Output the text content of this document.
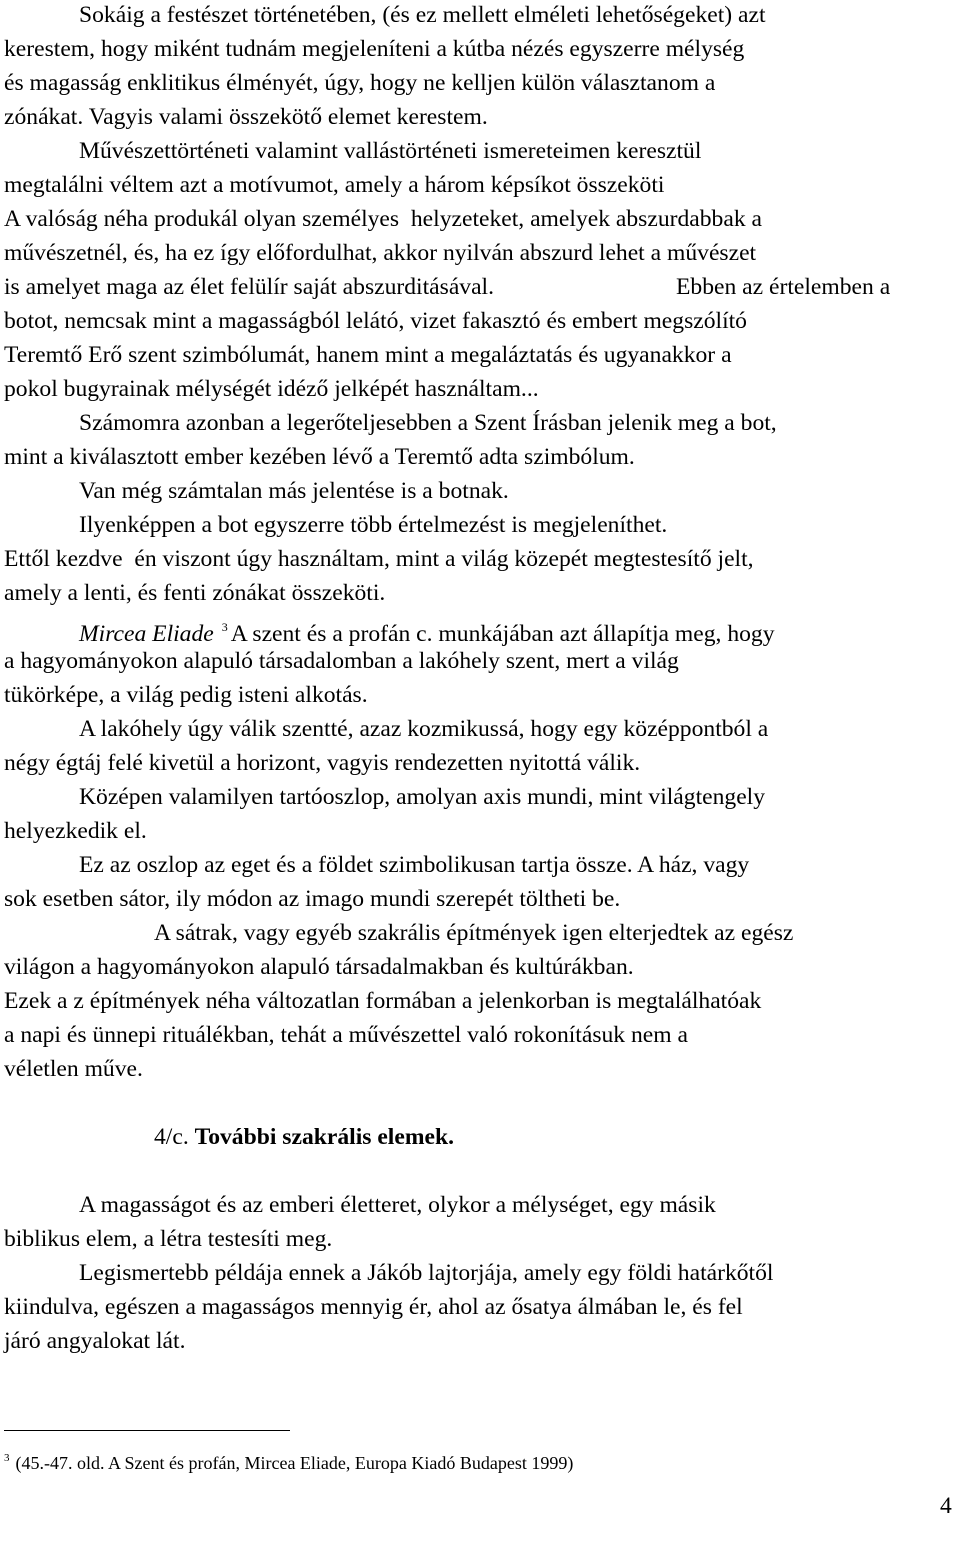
Sokáig a festészet történetében, (és ez mellett elméleti lehetőségeket) azt

kerestem, hogy miként tudnám megjeleníteni a kútba nézés egyszerre mélység

és magasság enklitikus élményét, úgy, hogy ne kelljen külön választanom a

zónákat. Vagyis valami összekötő elemet kerestem.

Művészettörténeti valamint vallástörténeti ismereteimen keresztül

megtalálni véltem azt a motívumot, amely a három képsíkot összeköti

A valóság néha produkál olyan személyes  helyzeteket, amelyek abszurdabbak a

művészetnél, és, ha ez így előfordulhat, akkor nyilván abszurd lehet a művészet

is amelyet maga az élet felülír saját abszurditásával.	Ebben az értelemben a

botot, nemcsak mint a magasságból lelátó, vizet fakasztó és embert megszólító

Teremtő Erő szent szimbólumát, hanem mint a megaláztatás és ugyanakkor a

pokol bugyrainak mélységét idéző jelképét használtam...

Számomra azonban a legerőteljesebben a Szent Írásban jelenik meg a bot,

mint a kiválasztott ember kezében lévő a Teremtő adta szimbólum.

Van még számtalan más jelentése is a botnak.

Ilyenképpen a bot egyszerre több értelmezést is megjeleníthet.

Ettől kezdve  én viszont úgy használtam, mint a világ közepét megtestesítő jelt,

amely a lenti, és fenti zónákat összeköti.

Mircea Eliade $^3$ A szent és a profán c. munkájában azt állapítja meg, hogy

a hagyományokon alapuló társadalomban a lakóhely szent, mert a világ

tükörképe, a világ pedig isteni alkotás.

A lakóhely úgy válik szentté, azaz kozmikussá, hogy egy középpontból a

négy égtáj felé kivetül a horizont, vagyis rendezetten nyitottá válik.

Középen valamilyen tartóoszlop, amolyan axis mundi, mint világtengely

helyezkedik el.

Ez az oszlop az eget és a földet szimbolikusan tartja össze. A ház, vagy

sok esetben sátor, ily módon az imago mundi szerepét töltheti be.

A sátrak, vagy egyéb szakrális építmények igen elterjedtek az egész

világon a hagyományokon alapuló társadalmakban és kultúrákban.

Ezek a z építmények néha változatlan formában a jelenkorban is megtalálhatóak

a napi és ünnepi rituálékban, tehát a művészettel való rokonításuk nem a

véletlen műve.

4/c. További szakrális elemek.

A magasságot és az emberi életteret, olykor a mélységet, egy másik

biblikus elem, a létra testesíti meg.

Legismertebb példája ennek a Jákób lajtorjája, amely egy földi határkőtől

kiindulva, egészen a magasságos mennyig ér, ahol az ősatya álmában le, és fel

járó angyalokat lát.

$^3$ (45.-47. old. A Szent és profán, Mircea Eliade, Europa Kiadó Budapest 1999)
4
